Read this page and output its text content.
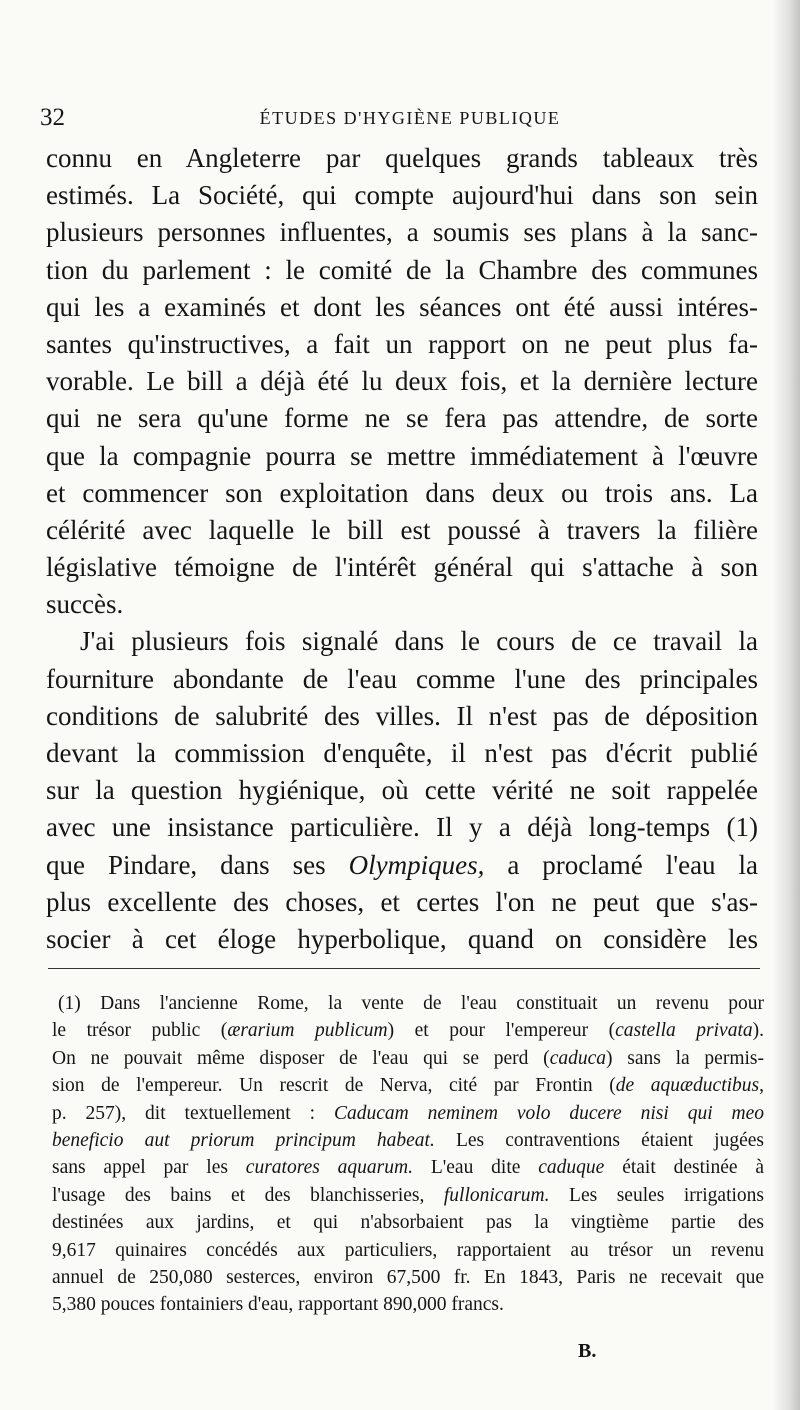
32	ÉTUDES D'HYGIÈNE PUBLIQUE
connu en Angleterre par quelques grands tableaux très
estimés. La Société, qui compte aujourd'hui dans son sein
plusieurs personnes influentes, a soumis ses plans à la sanc-
tion du parlement : le comité de la Chambre des communes
qui les a examinés et dont les séances ont été aussi intéres-
santes qu'instructives, a fait un rapport on ne peut plus fa-
vorable. Le bill a déjà été lu deux fois, et la dernière lecture
qui ne sera qu'une forme ne se fera pas attendre, de sorte
que la compagnie pourra se mettre immédiatement à l'œuvre
et commencer son exploitation dans deux ou trois ans. La
célérité avec laquelle le bill est poussé à travers la filière
législative témoigne de l'intérêt général qui s'attache à son
succès.
J'ai plusieurs fois signalé dans le cours de ce travail la
fourniture abondante de l'eau comme l'une des principales
conditions de salubrité des villes. Il n'est pas de déposition
devant la commission d'enquête, il n'est pas d'écrit publié
sur la question hygiénique, où cette vérité ne soit rappelée
avec une insistance particulière. Il y a déjà long-temps (1)
que Pindare, dans ses Olympiques, a proclamé l'eau la
plus excellente des choses, et certes l'on ne peut que s'as-
socier à cet éloge hyperbolique, quand on considère les
(1) Dans l'ancienne Rome, la vente de l'eau constituait un revenu pour
le trésor public (ærarium publicum) et pour l'empereur (castella privata).
On ne pouvait même disposer de l'eau qui se perd (caduca) sans la permis-
sion de l'empereur. Un rescrit de Nerva, cité par Frontin (de aquæductibus,
p. 257), dit textuellement : Caducam neminem volo ducere nisi qui meo
beneficio aut priorum principum habeat. Les contraventions étaient jugées
sans appel par les curatores aquarum. L'eau dite caduque était destinée à
l'usage des bains et des blanchisseries, fullonicarum. Les seules irrigations
destinées aux jardins, et qui n'absorbaient pas la vingtième partie des
9,617 quinaires concédés aux particuliers, rapportaient au trésor un revenu
annuel de 250,080 sesterces, environ 67,500 fr. En 1843, Paris ne recevait que
5,380 pouces fontainiers d'eau, rapportant 890,000 francs.
B.
